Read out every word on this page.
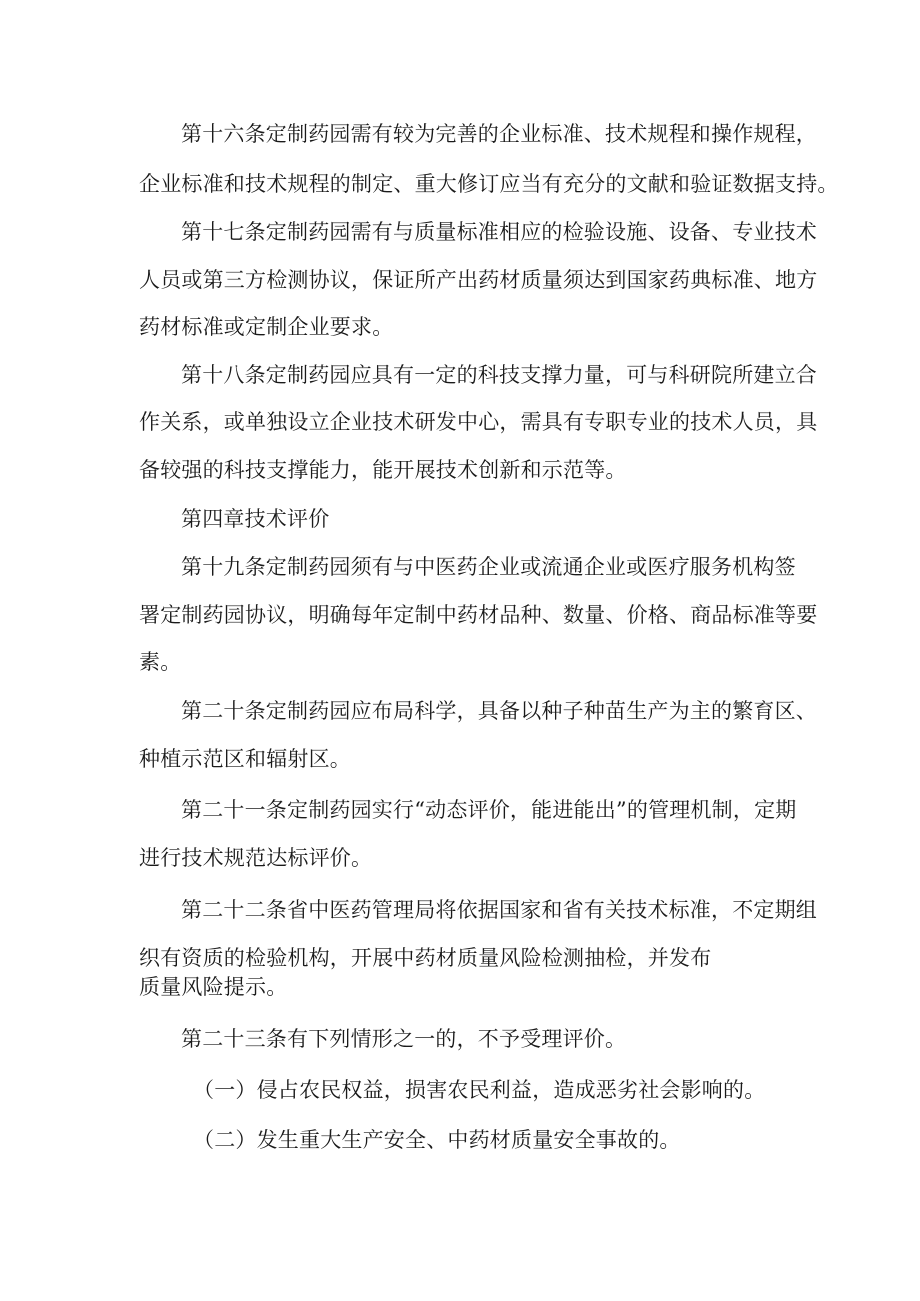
第十六条定制药园需有较为完善的企业标准、技术规程和操作规程，
企业标准和技术规程的制定、重大修订应当有充分的文献和验证数据支持。
第十七条定制药园需有与质量标准相应的检验设施、设备、专业技术
人员或第三方检测协议，保证所产出药材质量须达到国家药典标准、地方
药材标准或定制企业要求。
第十八条定制药园应具有一定的科技支撑力量，可与科研院所建立合
作关系，或单独设立企业技术研发中心，需具有专职专业的技术人员，具
备较强的科技支撑能力，能开展技术创新和示范等。
第四章技术评价
第十九条定制药园须有与中医药企业或流通企业或医疗服务机构签
署定制药园协议，明确每年定制中药材品种、数量、价格、商品标准等要
素。
第二十条定制药园应布局科学，具备以种子种苗生产为主的繁育区、
种植示范区和辐射区。
第二十一条定制药园实行“动态评价，能进能出”的管理机制，定期
进行技术规范达标评价。
第二十二条省中医药管理局将依据国家和省有关技术标准，不定期组
织有资质的检验机构，开展中药材质量风险检测抽检，并发布
质量风险提示。
第二十三条有下列情形之一的，不予受理评价。
（一）侵占农民权益，损害农民利益，造成恶劣社会影响的。
（二）发生重大生产安全、中药材质量安全事故的。
